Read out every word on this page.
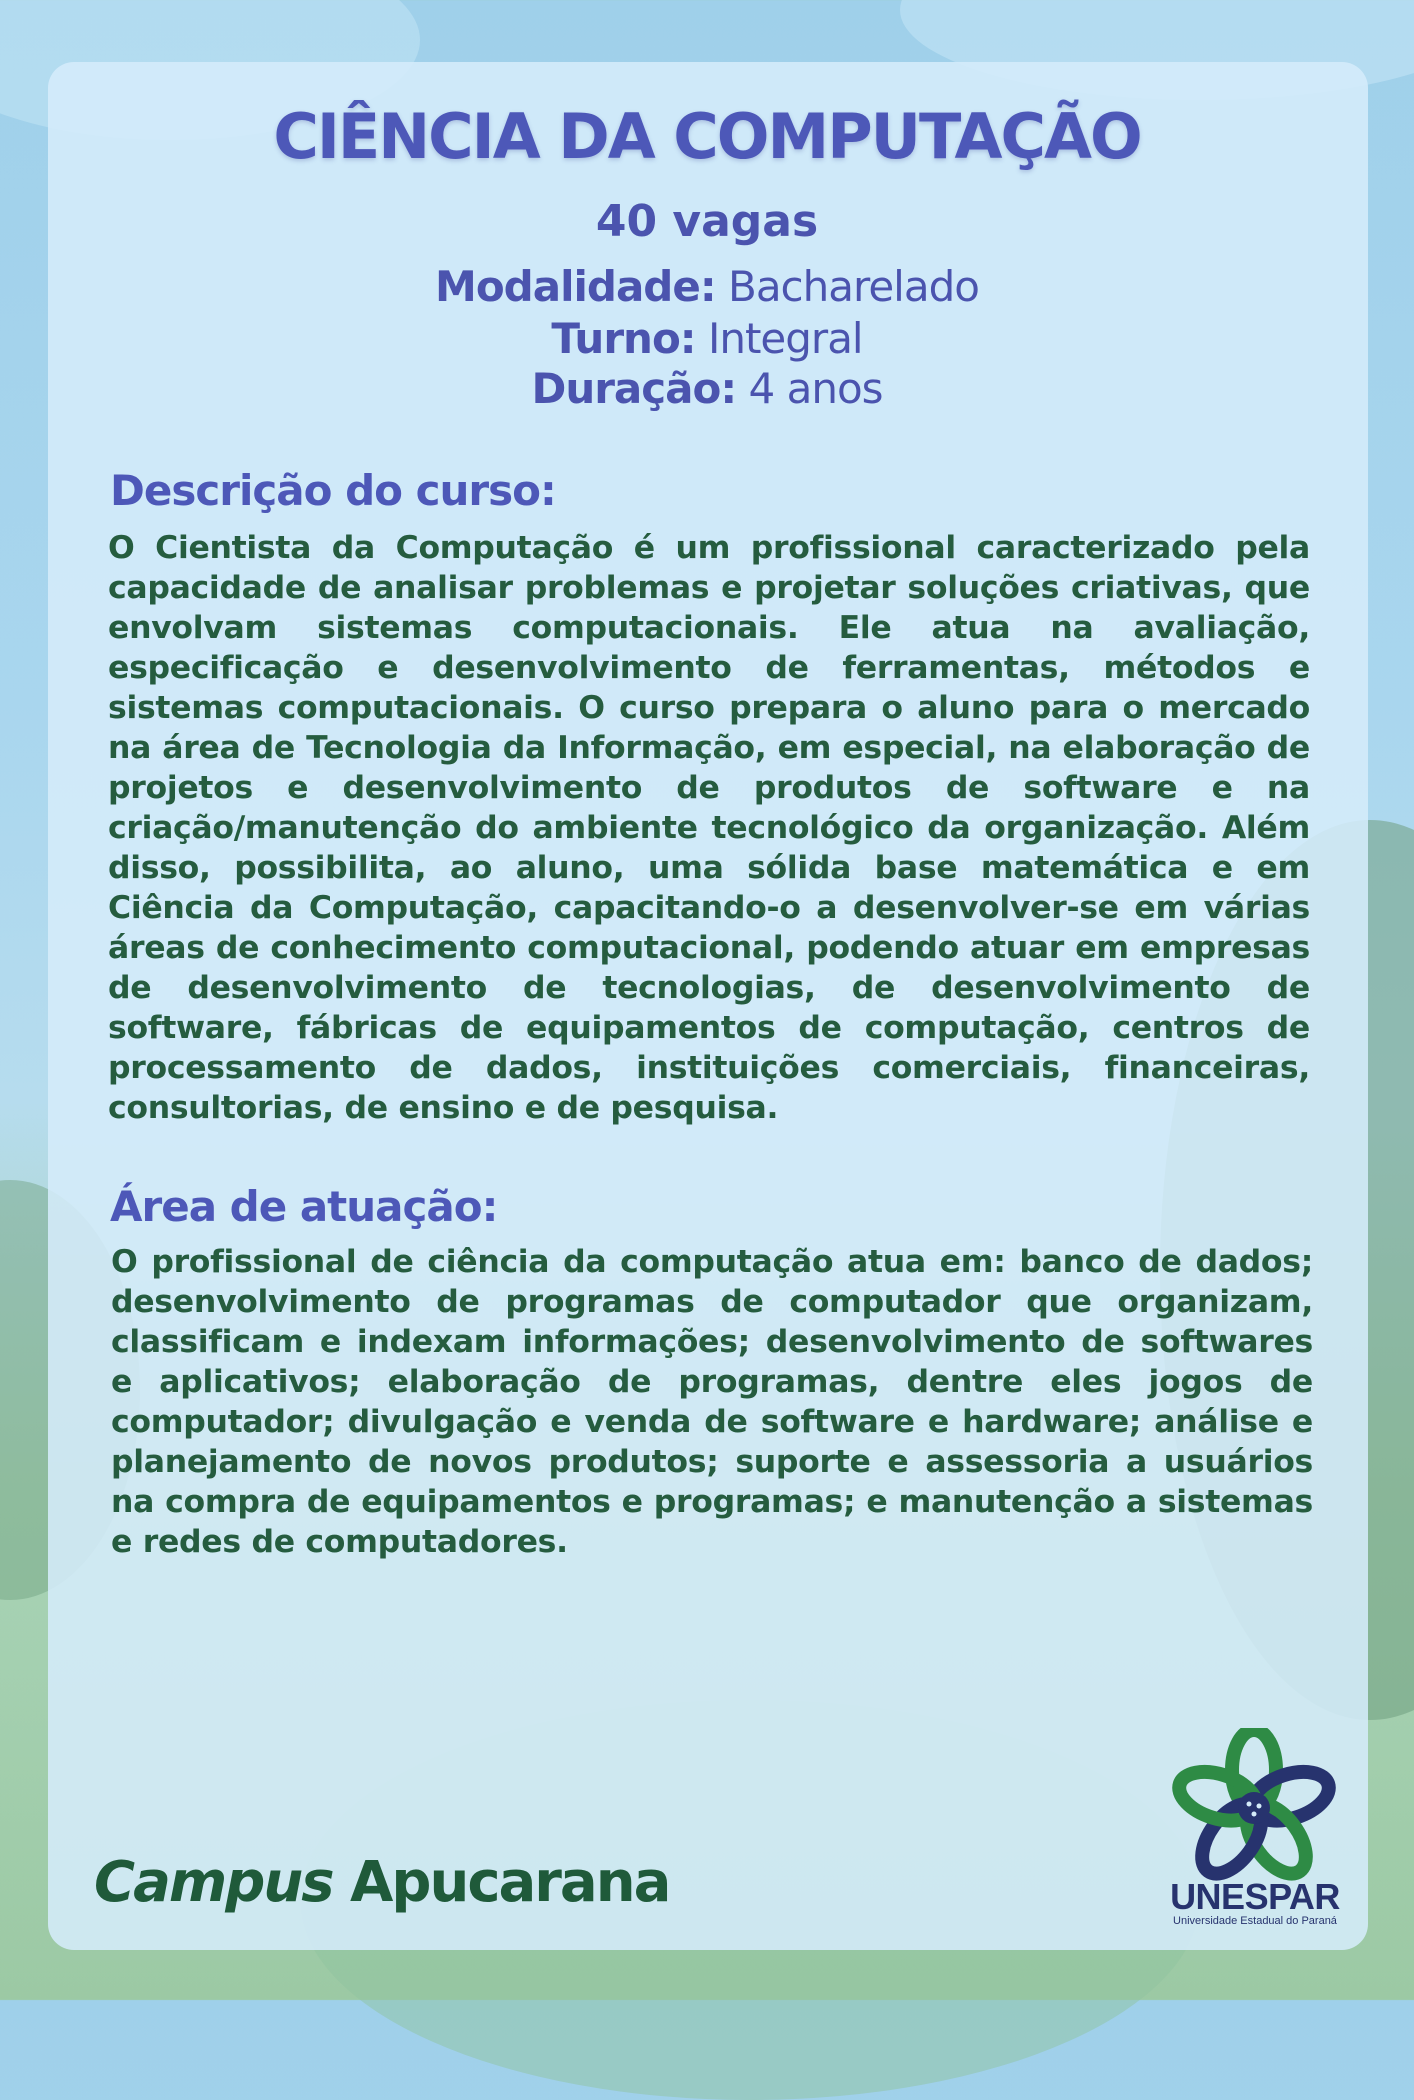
CIÊNCIA DA COMPUTAÇÃO

40 vagas

Modalidade: Bacharelado

Turno: Integral

Duração: 4 anos

Descrição do curso:

O Cientista da Computação é um profissional caracterizado pela capacidade de analisar problemas e projetar soluções criativas, que envolvam sistemas computacionais. Ele atua na avaliação, especificação e desenvolvimento de ferramentas, métodos e sistemas computacionais. O curso prepara o aluno para o mercado na área de Tecnologia da Informação, em especial, na elaboração de projetos e desenvolvimento de produtos de software e na criação/manutenção do ambiente tecnológico da organização. Além disso, possibilita, ao aluno, uma sólida base matemática e em Ciência da Computação, capacitando-o a desenvolver-se em várias áreas de conhecimento computacional, podendo atuar em empresas de desenvolvimento de tecnologias, de desenvolvimento de software, fábricas de equipamentos de computação, centros de processamento de dados, instituições comerciais, financeiras, consultorias, de ensino e de pesquisa.

Área de atuação:

O profissional de ciência da computação atua em: banco de dados; desenvolvimento de programas de computador que organizam, classificam e indexam informações; desenvolvimento de softwares e aplicativos; elaboração de programas, dentre eles jogos de computador; divulgação e venda de software e hardware; análise e planejamento de novos produtos; suporte e assessoria a usuários na compra de equipamentos e programas; e manutenção a sistemas e redes de computadores.

Campus Apucarana	UNESPAR
Universidade Estadual do Paraná
